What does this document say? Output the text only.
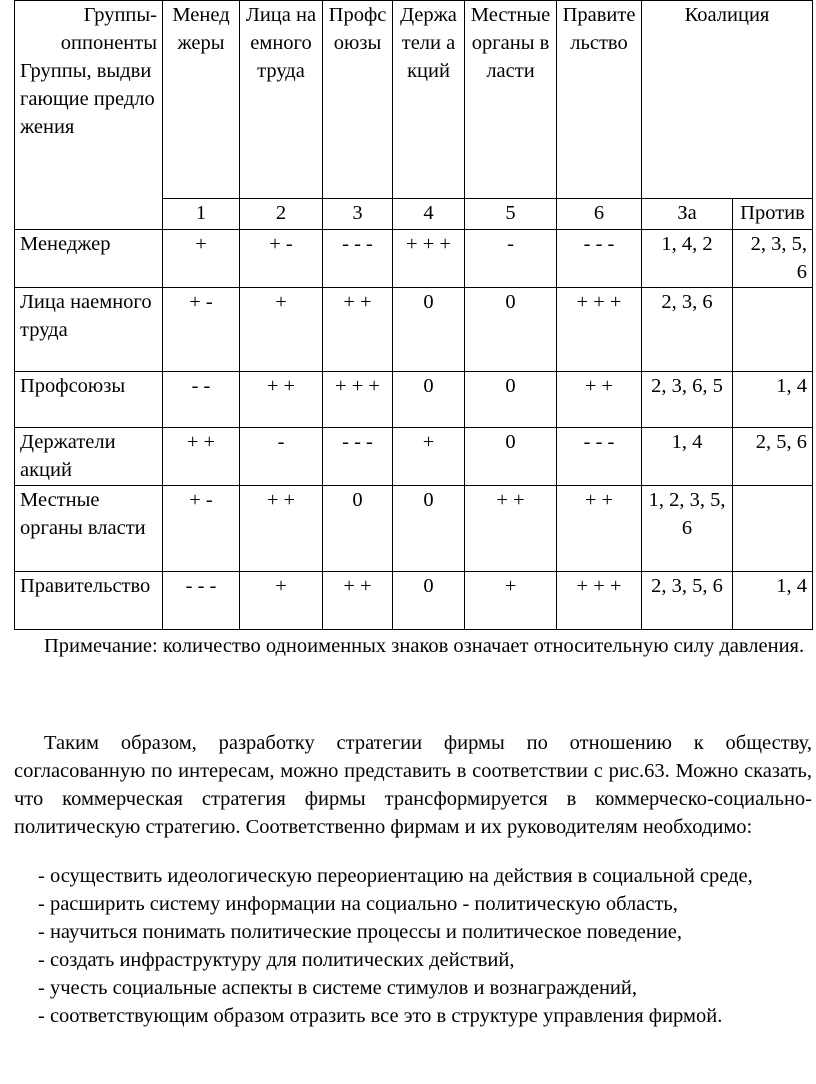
Группы-оппоненты
Группы, выдвигающие предложения	Менеджеры	Лица наемного труда	Профсоюзы	Держатели акций	Местные органы власти	Правительство	Коалиция	
	1	2	3	4	5	6	За	Против
Менеджер	+	+ -	- - -	+ + +	-	- - -	1, 4, 2	2, 3, 5, 6
Лица наемного труда	+ -	+	+ +	0	0	+ + +	2, 3, 6	
Профсоюзы	- -	+ +	+ + +	0	0	+ +	2, 3, 6, 5	1, 4
Держатели акций	+ +	-	- - -	+	0	- - -	1, 4	2, 5, 6
Местные органы власти	+ -	+ +	0	0	+ +	+ +	1, 2, 3, 5, 6	
Правительство	- - -	+	+ +	0	+	+ + +	2, 3, 5, 6	1, 4

Примечание: количество одноименных знаков означает относительную силу давления.

Таким образом, разработку стратегии фирмы по отношению к обществу, согласованную по интересам, можно представить в соответствии с рис.63. Можно сказать, что коммерческая стратегия фирмы трансформируется в коммерческо-социально-политическую стратегию. Соответственно фирмам и их руководителям необходимо:

- осуществить идеологическую переориентацию на действия в социальной среде,

- расширить систему информации на социально - политическую область,

- научиться понимать политические процессы и политическое поведение,

- создать инфраструктуру для политических действий,

- учесть социальные аспекты в системе стимулов и вознаграждений,

- соответствующим образом отразить все это в структуре управления фирмой.
